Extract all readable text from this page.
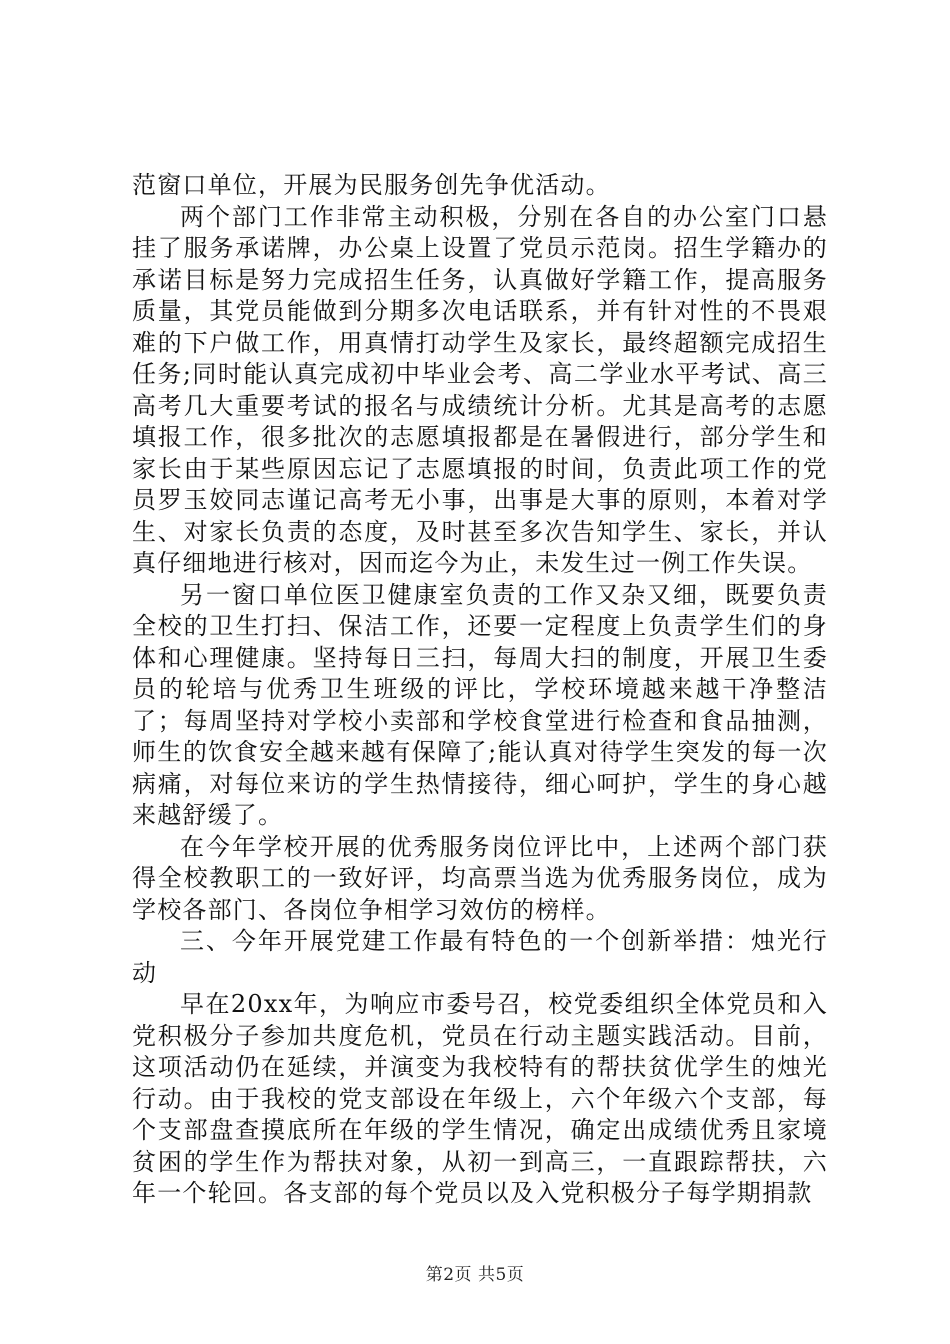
范窗口单位，开展为民服务创先争优活动。

两个部门工作非常主动积极，分别在各自的办公室门口悬挂了服务承诺牌，办公桌上设置了党员示范岗。招生学籍办的承诺目标是努力完成招生任务，认真做好学籍工作，提高服务质量，其党员能做到分期多次电话联系，并有针对性的不畏艰难的下户做工作，用真情打动学生及家长，最终超额完成招生任务;同时能认真完成初中毕业会考、高二学业水平考试、高三高考几大重要考试的报名与成绩统计分析。尤其是高考的志愿填报工作，很多批次的志愿填报都是在暑假进行，部分学生和家长由于某些原因忘记了志愿填报的时间，负责此项工作的党员罗玉姣同志谨记高考无小事，出事是大事的原则，本着对学生、对家长负责的态度，及时甚至多次告知学生、家长，并认真仔细地进行核对，因而迄今为止，未发生过一例工作失误。

另一窗口单位医卫健康室负责的工作又杂又细，既要负责全校的卫生打扫、保洁工作，还要一定程度上负责学生们的身体和心理健康。坚持每日三扫，每周大扫的制度，开展卫生委员的轮培与优秀卫生班级的评比，学校环境越来越干净整洁了；每周坚持对学校小卖部和学校食堂进行检查和食品抽测，师生的饮食安全越来越有保障了;能认真对待学生突发的每一次病痛，对每位来访的学生热情接待，细心呵护，学生的身心越来越舒缓了。

在今年学校开展的优秀服务岗位评比中，上述两个部门获得全校教职工的一致好评，均高票当选为优秀服务岗位，成为学校各部门、各岗位争相学习效仿的榜样。

三、今年开展党建工作最有特色的一个创新举措：烛光行动

早在20xx年，为响应市委号召，校党委组织全体党员和入党积极分子参加共度危机，党员在行动主题实践活动。目前，这项活动仍在延续，并演变为我校特有的帮扶贫优学生的烛光行动。由于我校的党支部设在年级上，六个年级六个支部，每个支部盘查摸底所在年级的学生情况，确定出成绩优秀且家境贫困的学生作为帮扶对象，从初一到高三，一直跟踪帮扶，六年一个轮回。各支部的每个党员以及入党积极分子每学期捐款

第2页 共5页
